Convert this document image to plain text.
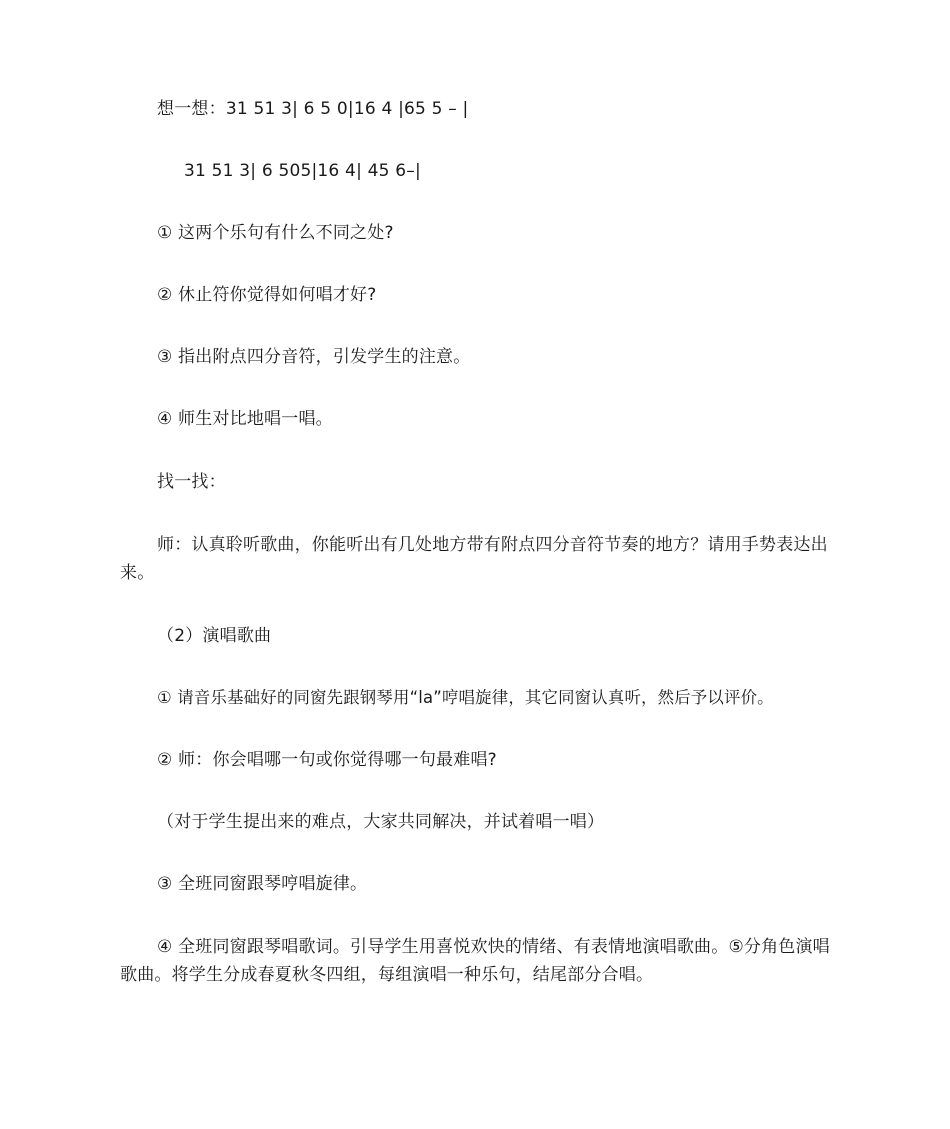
想一想：31 51 3| 6 5 0|16 4 |65 5 – |
31 51 3| 6 505|16 4| 45 6–|
① 这两个乐句有什么不同之处?
② 休止符你觉得如何唱才好?
③ 指出附点四分音符，引发学生的注意。
④ 师生对比地唱一唱。
找一找：
师：认真聆听歌曲，你能听出有几处地方带有附点四分音符节奏的地方？请用手势表达出来。
（2）演唱歌曲
① 请音乐基础好的同窗先跟钢琴用“la”哼唱旋律，其它同窗认真听，然后予以评价。
② 师：你会唱哪一句或你觉得哪一句最难唱?
（对于学生提出来的难点，大家共同解决，并试着唱一唱）
③ 全班同窗跟琴哼唱旋律。
④ 全班同窗跟琴唱歌词。引导学生用喜悦欢快的情绪、有表情地演唱歌曲。⑤分角色演唱歌曲。将学生分成春夏秋冬四组，每组演唱一种乐句，结尾部分合唱。
